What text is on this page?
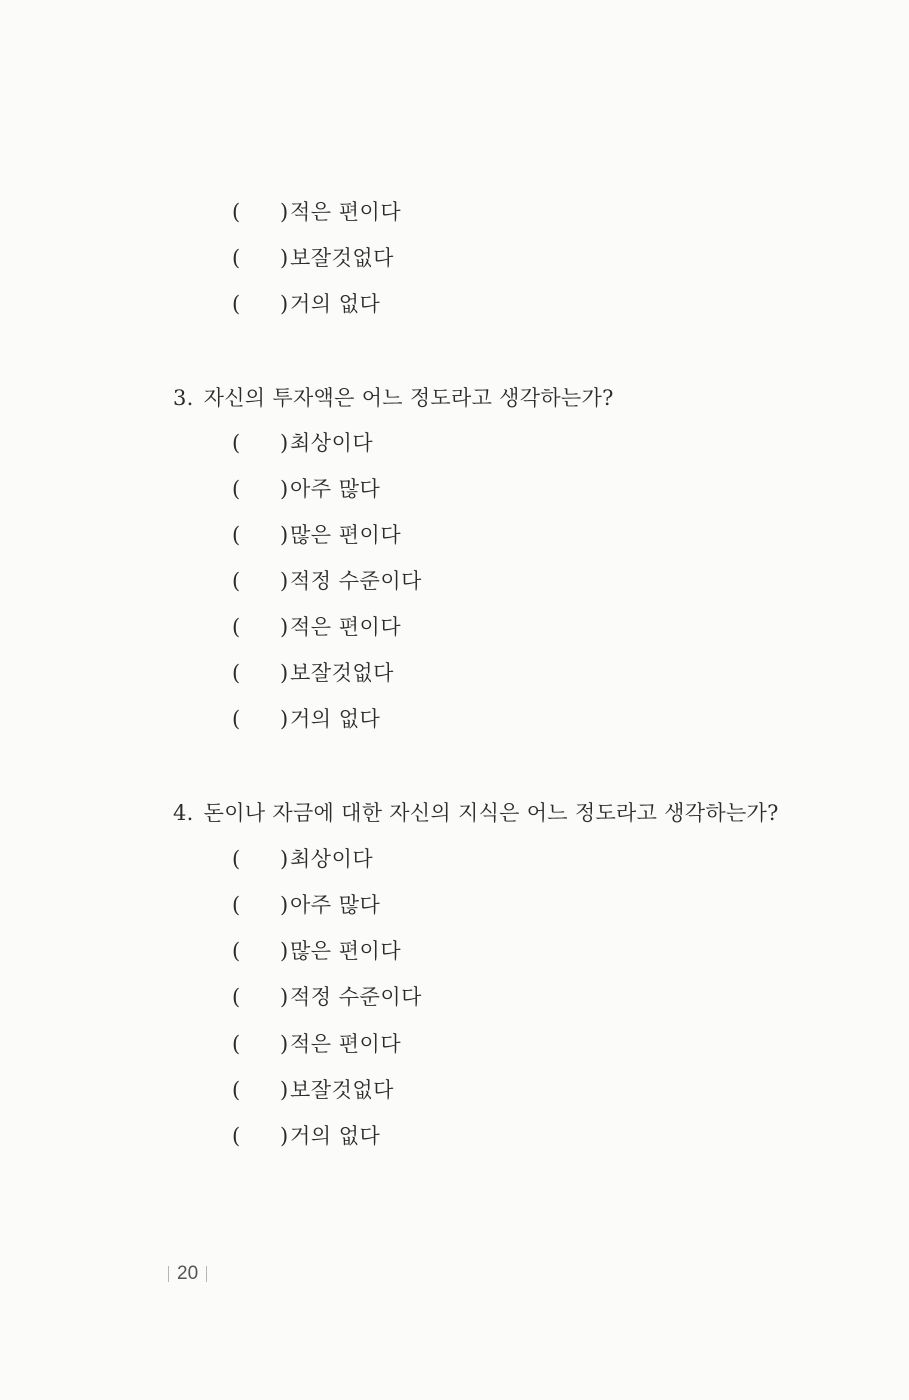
( )적은 편이다
( )보잘것없다
( )거의 없다
3. 자신의 투자액은 어느 정도라고 생각하는가?
( )최상이다
( )아주 많다
( )많은 편이다
( )적정 수준이다
( )적은 편이다
( )보잘것없다
( )거의 없다
4. 돈이나 자금에 대한 자신의 지식은 어느 정도라고 생각하는가?
( )최상이다
( )아주 많다
( )많은 편이다
( )적정 수준이다
( )적은 편이다
( )보잘것없다
( )거의 없다
20
